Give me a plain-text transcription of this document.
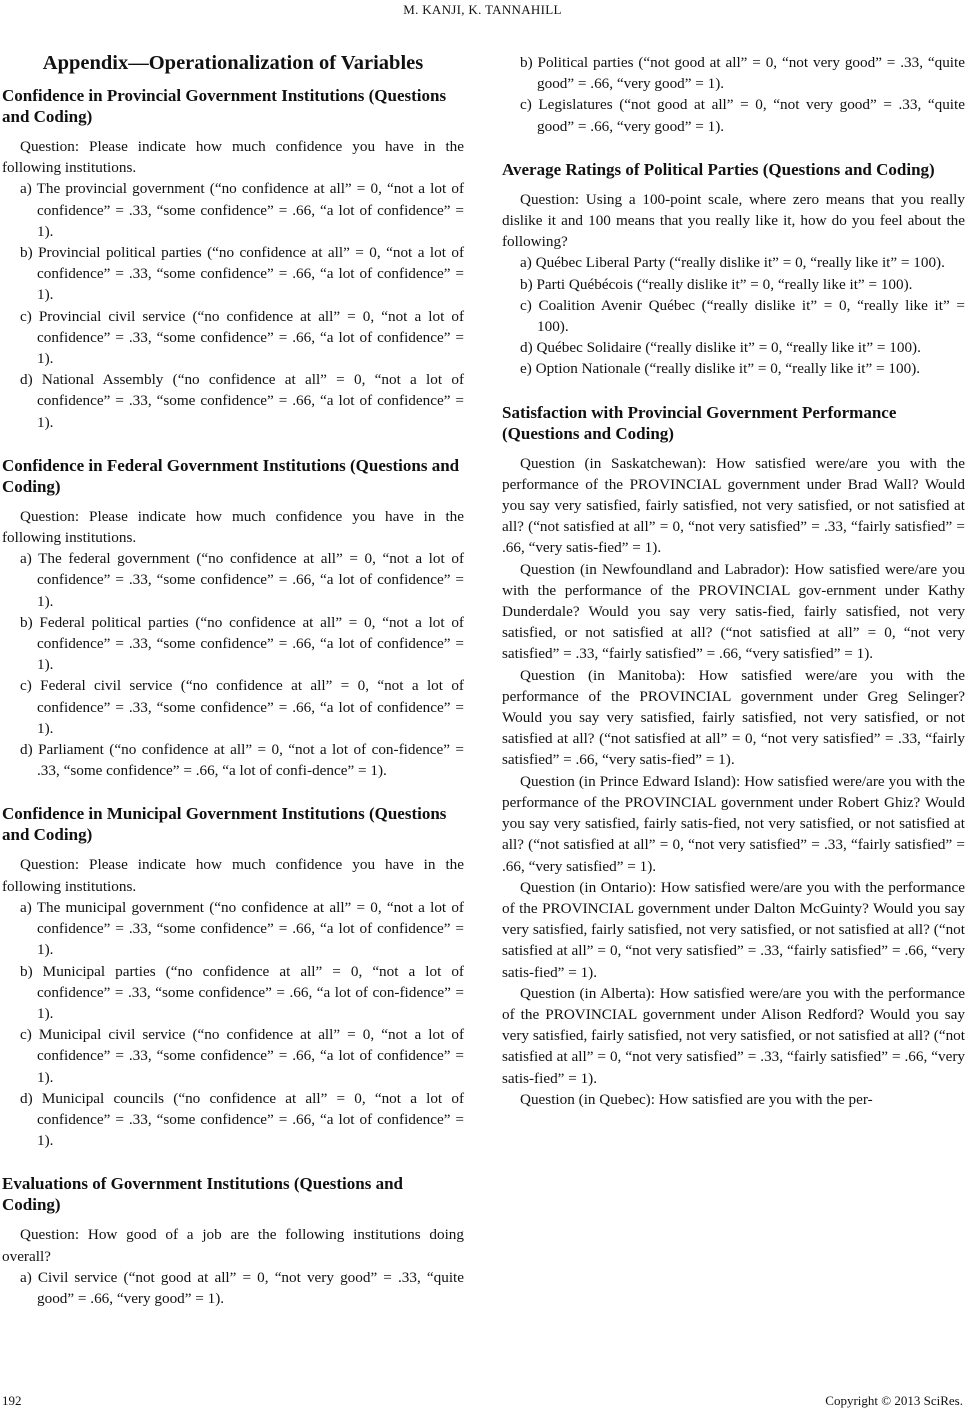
M. KANJI, K. TANNAHILL
Appendix—Operationalization of Variables
Confidence in Provincial Government Institutions (Questions and Coding)

Question: Please indicate how much confidence you have in the following institutions.

a) The provincial government (“no confidence at all” = 0, “not a lot of confidence” = .33, “some confidence” = .66, “a lot of confidence” = 1).

b) Provincial political parties (“no confidence at all” = 0, “not a lot of confidence” = .33, “some confidence” = .66, “a lot of confidence” = 1).

c) Provincial civil service (“no confidence at all” = 0, “not a lot of confidence” = .33, “some confidence” = .66, “a lot of confidence” = 1).

d) National Assembly (“no confidence at all” = 0, “not a lot of confidence” = .33, “some confidence” = .66, “a lot of confidence” = 1).

Confidence in Federal Government Institutions (Questions and Coding)

Question: Please indicate how much confidence you have in the following institutions.

a) The federal government (“no confidence at all” = 0, “not a lot of confidence” = .33, “some confidence” = .66, “a lot of confidence” = 1).

b) Federal political parties (“no confidence at all” = 0, “not a lot of confidence” = .33, “some confidence” = .66, “a lot of confidence” = 1).

c) Federal civil service (“no confidence at all” = 0, “not a lot of confidence” = .33, “some confidence” = .66, “a lot of confidence” = 1).

d) Parliament (“no confidence at all” = 0, “not a lot of con-fidence” = .33, “some confidence” = .66, “a lot of confi-dence” = 1).

Confidence in Municipal Government Institutions (Questions and Coding)

Question: Please indicate how much confidence you have in the following institutions.

a) The municipal government (“no confidence at all” = 0, “not a lot of confidence” = .33, “some confidence” = .66, “a lot of confidence” = 1).

b) Municipal parties (“no confidence at all” = 0, “not a lot of confidence” = .33, “some confidence” = .66, “a lot of con-fidence” = 1).

c) Municipal civil service (“no confidence at all” = 0, “not a lot of confidence” = .33, “some confidence” = .66, “a lot of confidence” = 1).

d) Municipal councils (“no confidence at all” = 0, “not a lot of confidence” = .33, “some confidence” = .66, “a lot of confidence” = 1).

Evaluations of Government Institutions (Questions and Coding)

Question: How good of a job are the following institutions doing overall?

a) Civil service (“not good at all” = 0, “not very good” = .33, “quite good” = .66, “very good” = 1).

b) Political parties (“not good at all” = 0, “not very good” = .33, “quite good” = .66, “very good” = 1).

c) Legislatures (“not good at all” = 0, “not very good” = .33, “quite good” = .66, “very good” = 1).

Average Ratings of Political Parties (Questions and Coding)

Question: Using a 100-point scale, where zero means that you really dislike it and 100 means that you really like it, how do you feel about the following?

a) Québec Liberal Party (“really dislike it” = 0, “really like it” = 100).

b) Parti Québécois (“really dislike it” = 0, “really like it” = 100).

c) Coalition Avenir Québec (“really dislike it” = 0, “really like it” = 100).

d) Québec Solidaire (“really dislike it” = 0, “really like it” = 100).

e) Option Nationale (“really dislike it” = 0, “really like it” = 100).

Satisfaction with Provincial Government Performance (Questions and Coding)

Question (in Saskatchewan): How satisfied were/are you with the performance of the PROVINCIAL government under Brad Wall? Would you say very satisfied, fairly satisfied, not very satisfied, or not satisfied at all? (“not satisfied at all” = 0, “not very satisfied” = .33, “fairly satisfied” = .66, “very satis-fied” = 1).

Question (in Newfoundland and Labrador): How satisfied were/are you with the performance of the PROVINCIAL gov-ernment under Kathy Dunderdale? Would you say very satis-fied, fairly satisfied, not very satisfied, or not satisfied at all? (“not satisfied at all” = 0, “not very satisfied” = .33, “fairly satisfied” = .66, “very satisfied” = 1).

Question (in Manitoba): How satisfied were/are you with the performance of the PROVINCIAL government under Greg Selinger? Would you say very satisfied, fairly satisfied, not very satisfied, or not satisfied at all? (“not satisfied at all” = 0, “not very satisfied” = .33, “fairly satisfied” = .66, “very satis-fied” = 1).

Question (in Prince Edward Island): How satisfied were/are you with the performance of the PROVINCIAL government under Robert Ghiz? Would you say very satisfied, fairly satis-fied, not very satisfied, or not satisfied at all? (“not satisfied at all” = 0, “not very satisfied” = .33, “fairly satisfied” = .66, “very satisfied” = 1).

Question (in Ontario): How satisfied were/are you with the performance of the PROVINCIAL government under Dalton McGuinty? Would you say very satisfied, fairly satisfied, not very satisfied, or not satisfied at all? (“not satisfied at all” = 0, “not very satisfied” = .33, “fairly satisfied” = .66, “very satis-fied” = 1).

Question (in Alberta): How satisfied were/are you with the performance of the PROVINCIAL government under Alison Redford? Would you say very satisfied, fairly satisfied, not very satisfied, or not satisfied at all? (“not satisfied at all” = 0, “not very satisfied” = .33, “fairly satisfied” = .66, “very satis-fied” = 1).

Question (in Quebec): How satisfied are you with the per-

192	Copyright © 2013 SciRes.
